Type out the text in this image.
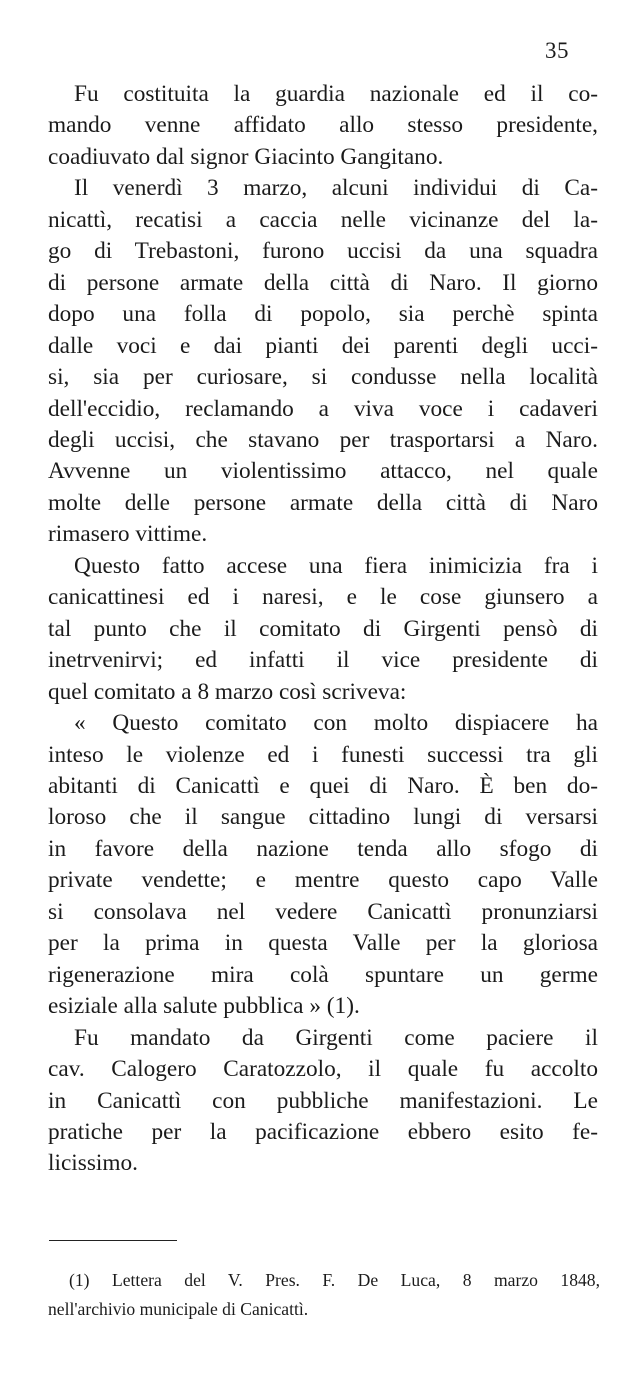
35
Fu costituita la guardia nazionale ed il co-
mando venne affidato allo stesso presidente,
coadiuvato dal signor Giacinto Gangitano.
Il venerdì 3 marzo, alcuni individui di Ca-
nicattì, recatisi a caccia nelle vicinanze del la-
go di Trebastoni, furono uccisi da una squadra
di persone armate della città di Naro. Il giorno
dopo una folla di popolo, sia perchè spinta
dalle voci e dai pianti dei parenti degli ucci-
si, sia per curiosare, si condusse nella località
dell'eccidio, reclamando a viva voce i cadaveri
degli uccisi, che stavano per trasportarsi a Naro.
Avvenne un violentissimo attacco, nel quale
molte delle persone armate della città di Naro
rimasero vittime.
Questo fatto accese una fiera inimicizia fra i
canicattinesi ed i naresi, e le cose giunsero a
tal punto che il comitato di Girgenti pensò di
inetrvenirvi; ed infatti il vice presidente di
quel comitato a 8 marzo così scriveva:
« Questo comitato con molto dispiacere ha
inteso le violenze ed i funesti successi tra gli
abitanti di Canicattì e quei di Naro. È ben do-
loroso che il sangue cittadino lungi di versarsi
in favore della nazione tenda allo sfogo di
private vendette; e mentre questo capo Valle
si consolava nel vedere Canicattì pronunziarsi
per la prima in questa Valle per la gloriosa
rigenerazione mira colà spuntare un germe
esiziale alla salute pubblica » (1).
Fu mandato da Girgenti come paciere il
cav. Calogero Caratozzolo, il quale fu accolto
in Canicattì con pubbliche manifestazioni. Le
pratiche per la pacificazione ebbero esito fe-
licissimo.
(1) Lettera del V. Pres. F. De Luca, 8 marzo 1848,
nell'archivio municipale di Canicattì.
